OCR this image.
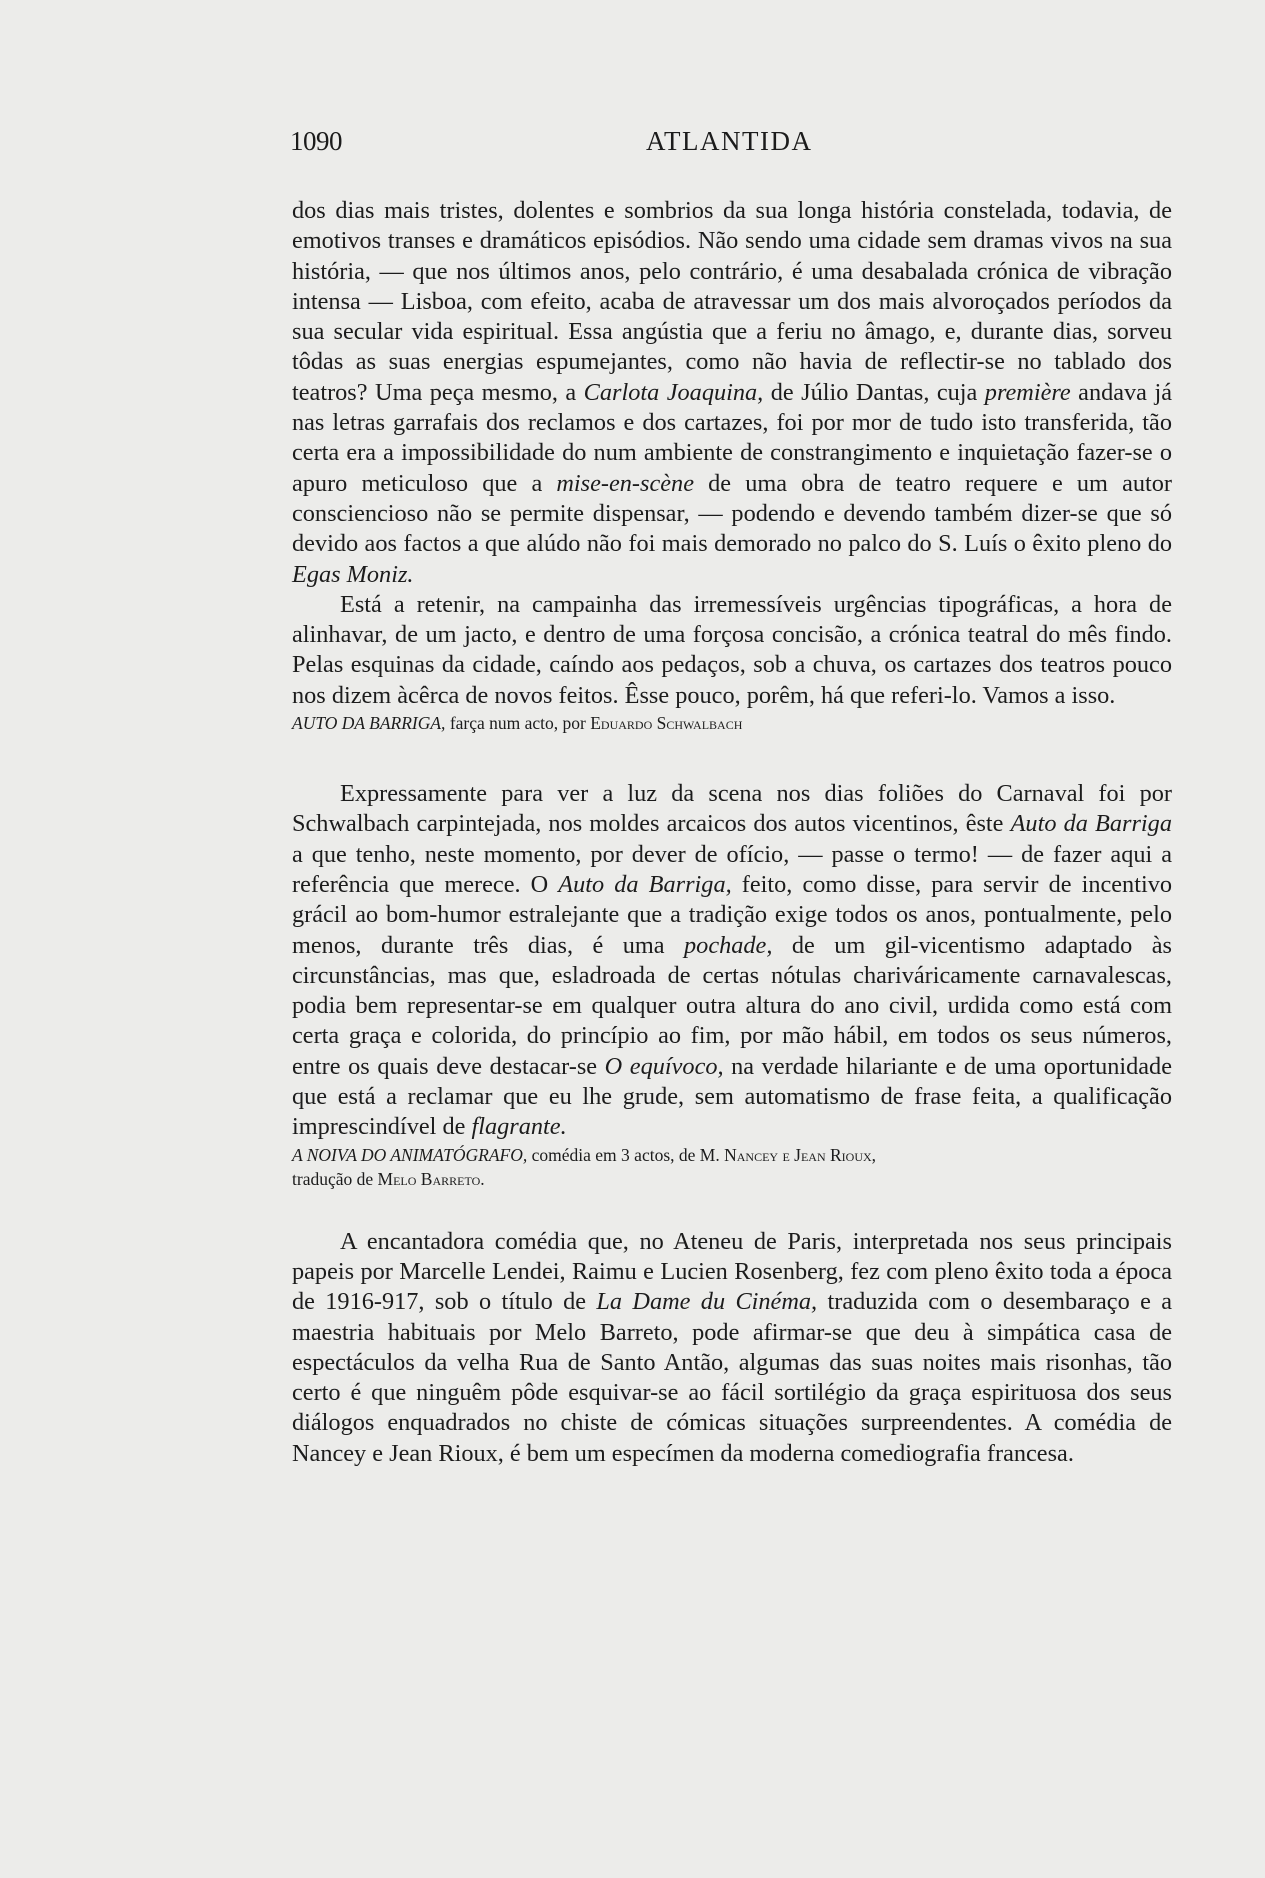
1090	ATLANTIDA

dos dias mais tristes, dolentes e sombrios da sua longa história constelada, todavia, de emotivos transes e dramáticos episódios. Não sendo uma cidade sem dramas vivos na sua história, — que nos últimos anos, pelo contrário, é uma desabalada crónica de vibração intensa — Lisboa, com efeito, acaba de atravessar um dos mais alvoroçados períodos da sua secular vida espiritual. Essa angústia que a feriu no âmago, e, durante dias, sorveu tôdas as suas energias espumejantes, como não havia de reflectir-se no tablado dos teatros? Uma peça mesmo, a Carlota Joaquina, de Júlio Dantas, cuja première andava já nas letras garrafais dos reclamos e dos cartazes, foi por mor de tudo isto transferida, tão certa era a impossibilidade do num ambiente de constrangimento e inquietação fazer-se o apuro meticuloso que a mise-en-scène de uma obra de teatro requere e um autor consciencioso não se permite dispensar, — podendo e devendo também dizer-se que só devido aos factos a que alúdo não foi mais demorado no palco do S. Luís o êxito pleno do Egas Moniz.

Está a retenir, na campainha das irremessíveis urgências tipográficas, a hora de alinhavar, de um jacto, e dentro de uma forçosa concisão, a crónica teatral do mês findo. Pelas esquinas da cidade, caíndo aos pedaços, sob a chuva, os cartazes dos teatros pouco nos dizem àcêrca de novos feitos. Êsse pouco, porêm, há que referi-lo. Vamos a isso.

AUTO DA BARRIGA, farça num acto, por Eduardo Schwalbach

Expressamente para ver a luz da scena nos dias foliões do Carnaval foi por Schwalbach carpintejada, nos moldes arcaicos dos autos vicentinos, êste Auto da Barriga a que tenho, neste momento, por dever de ofício, — passe o termo! — de fazer aqui a referência que merece. O Auto da Barriga, feito, como disse, para servir de incentivo grácil ao bom-humor estralejante que a tradição exige todos os anos, pontualmente, pelo menos, durante três dias, é uma pochade, de um gil-vicentismo adaptado às circunstâncias, mas que, esladroada de certas nótulas chariváricamente carnavalescas, podia bem representar-se em qualquer outra altura do ano civil, urdida como está com certa graça e colorida, do princípio ao fim, por mão hábil, em todos os seus números, entre os quais deve destacar-se O equívoco, na verdade hilariante e de uma oportunidade que está a reclamar que eu lhe grude, sem automatismo de frase feita, a qualificação imprescindível de flagrante.

A NOIVA DO ANIMATÓGRAFO, comédia em 3 actos, de M. Nancey e Jean Rioux,
tradução de Melo Barreto.

A encantadora comédia que, no Ateneu de Paris, interpretada nos seus principais papeis por Marcelle Lendei, Raimu e Lucien Rosenberg, fez com pleno êxito toda a época de 1916-917, sob o título de La Dame du Cinéma, traduzida com o desembaraço e a maestria habituais por Melo Barreto, pode afirmar-se que deu à simpática casa de espectáculos da velha Rua de Santo Antão, algumas das suas noites mais risonhas, tão certo é que ninguêm pôde esquivar-se ao fácil sortilégio da graça espirituosa dos seus diálogos enquadrados no chiste de cómicas situações surpreendentes. A comédia de Nancey e Jean Rioux, é bem um especímen da moderna comediografia francesa.
